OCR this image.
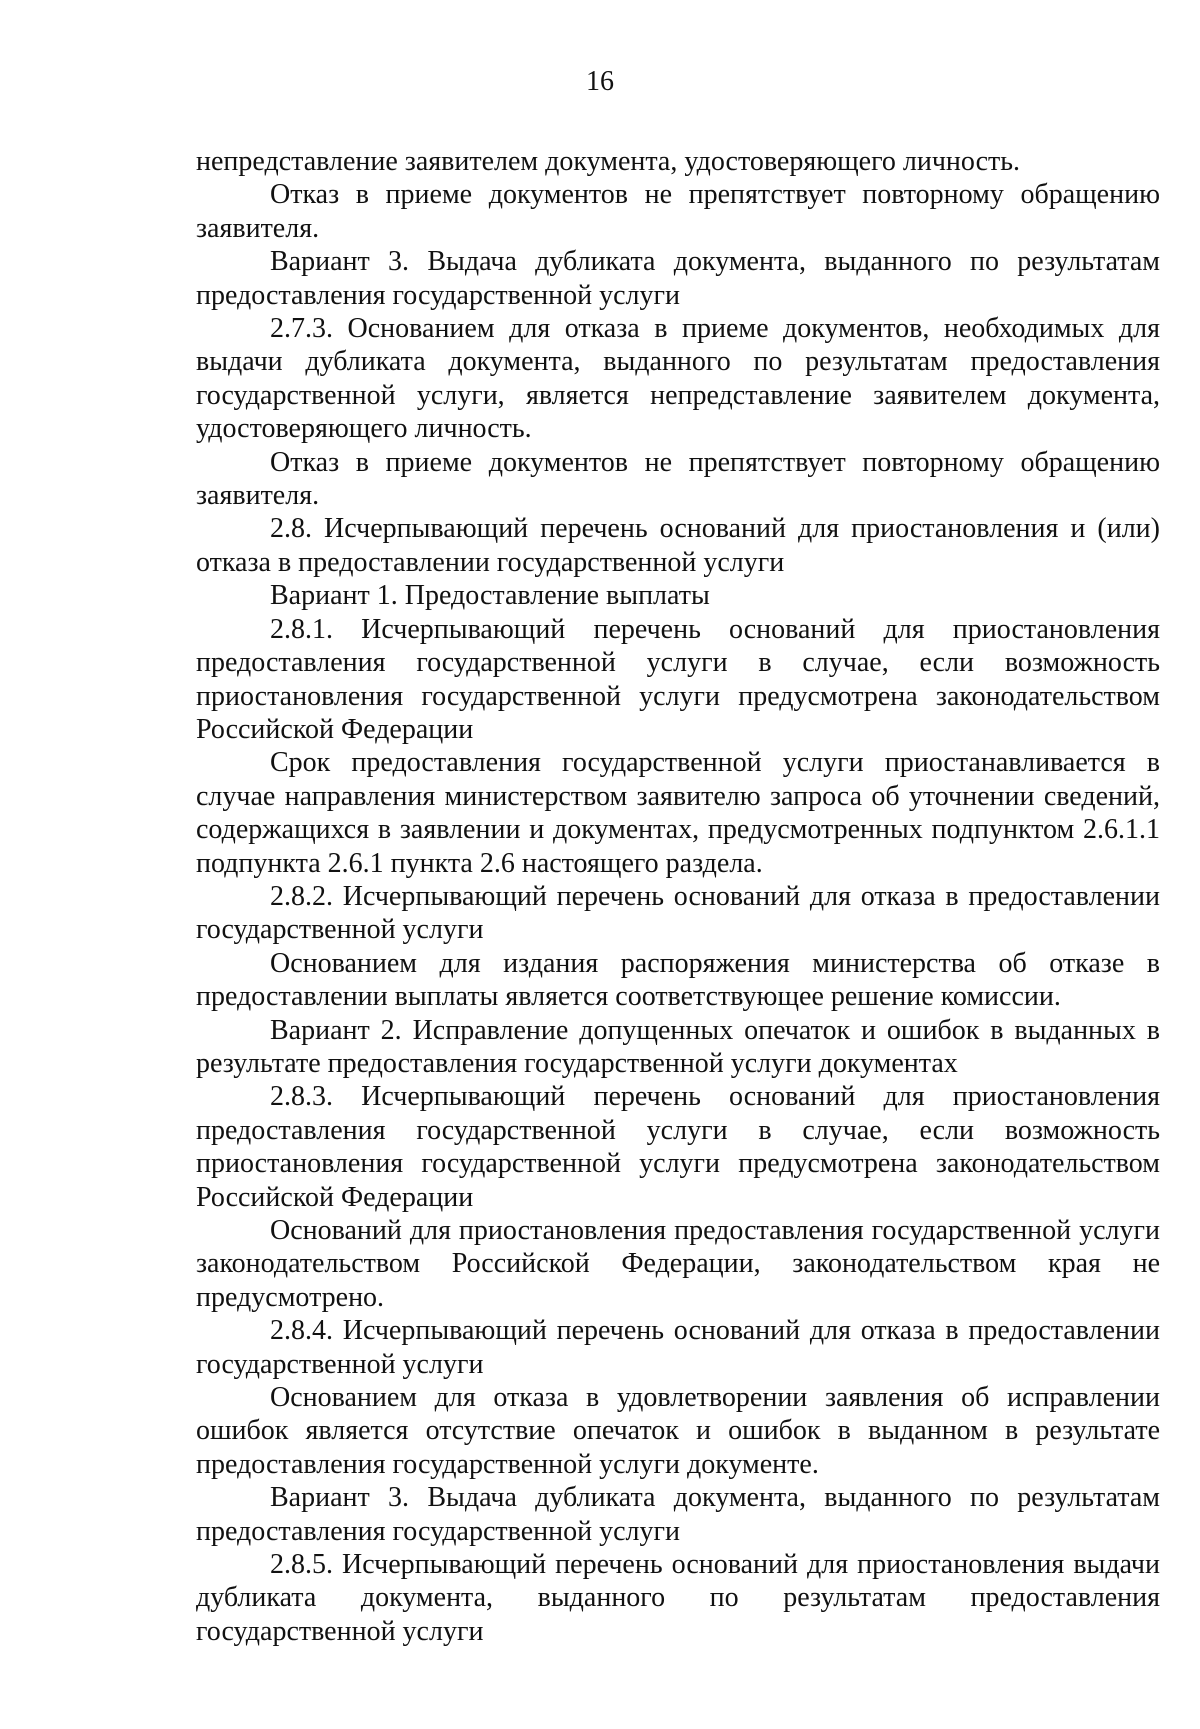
16

непредставление заявителем документа, удостоверяющего личность.

Отказ в приеме документов не препятствует повторному обращению заявителя.

Вариант 3. Выдача дубликата документа, выданного по результатам предоставления государственной услуги

2.7.3. Основанием для отказа в приеме документов, необходимых для выдачи дубликата документа, выданного по результатам предоставления государственной услуги, является непредставление заявителем документа, удостоверяющего личность.

Отказ в приеме документов не препятствует повторному обращению заявителя.

2.8. Исчерпывающий перечень оснований для приостановления и (или) отказа в предоставлении государственной услуги

Вариант 1. Предоставление выплаты

2.8.1. Исчерпывающий перечень оснований для приостановления предоставления государственной услуги в случае, если возможность приостановления государственной услуги предусмотрена законодательством Российской Федерации

Срок предоставления государственной услуги приостанавливается в случае направления министерством заявителю запроса об уточнении сведений, содержащихся в заявлении и документах, предусмотренных подпунктом 2.6.1.1 подпункта 2.6.1 пункта 2.6 настоящего раздела.

2.8.2. Исчерпывающий перечень оснований для отказа в предоставлении государственной услуги

Основанием для издания распоряжения министерства об отказе в предоставлении выплаты является соответствующее решение комиссии.

Вариант 2. Исправление допущенных опечаток и ошибок в выданных в результате предоставления государственной услуги документах

2.8.3. Исчерпывающий перечень оснований для приостановления предоставления государственной услуги в случае, если возможность приостановления государственной услуги предусмотрена законодательством Российской Федерации

Оснований для приостановления предоставления государственной услуги законодательством Российской Федерации, законодательством края не предусмотрено.

2.8.4. Исчерпывающий перечень оснований для отказа в предоставлении государственной услуги

Основанием для отказа в удовлетворении заявления об исправлении ошибок является отсутствие опечаток и ошибок в выданном в результате предоставления государственной услуги документе.

Вариант 3. Выдача дубликата документа, выданного по результатам предоставления государственной услуги

2.8.5. Исчерпывающий перечень оснований для приостановления выдачи дубликата документа, выданного по результатам предоставления государственной услуги
